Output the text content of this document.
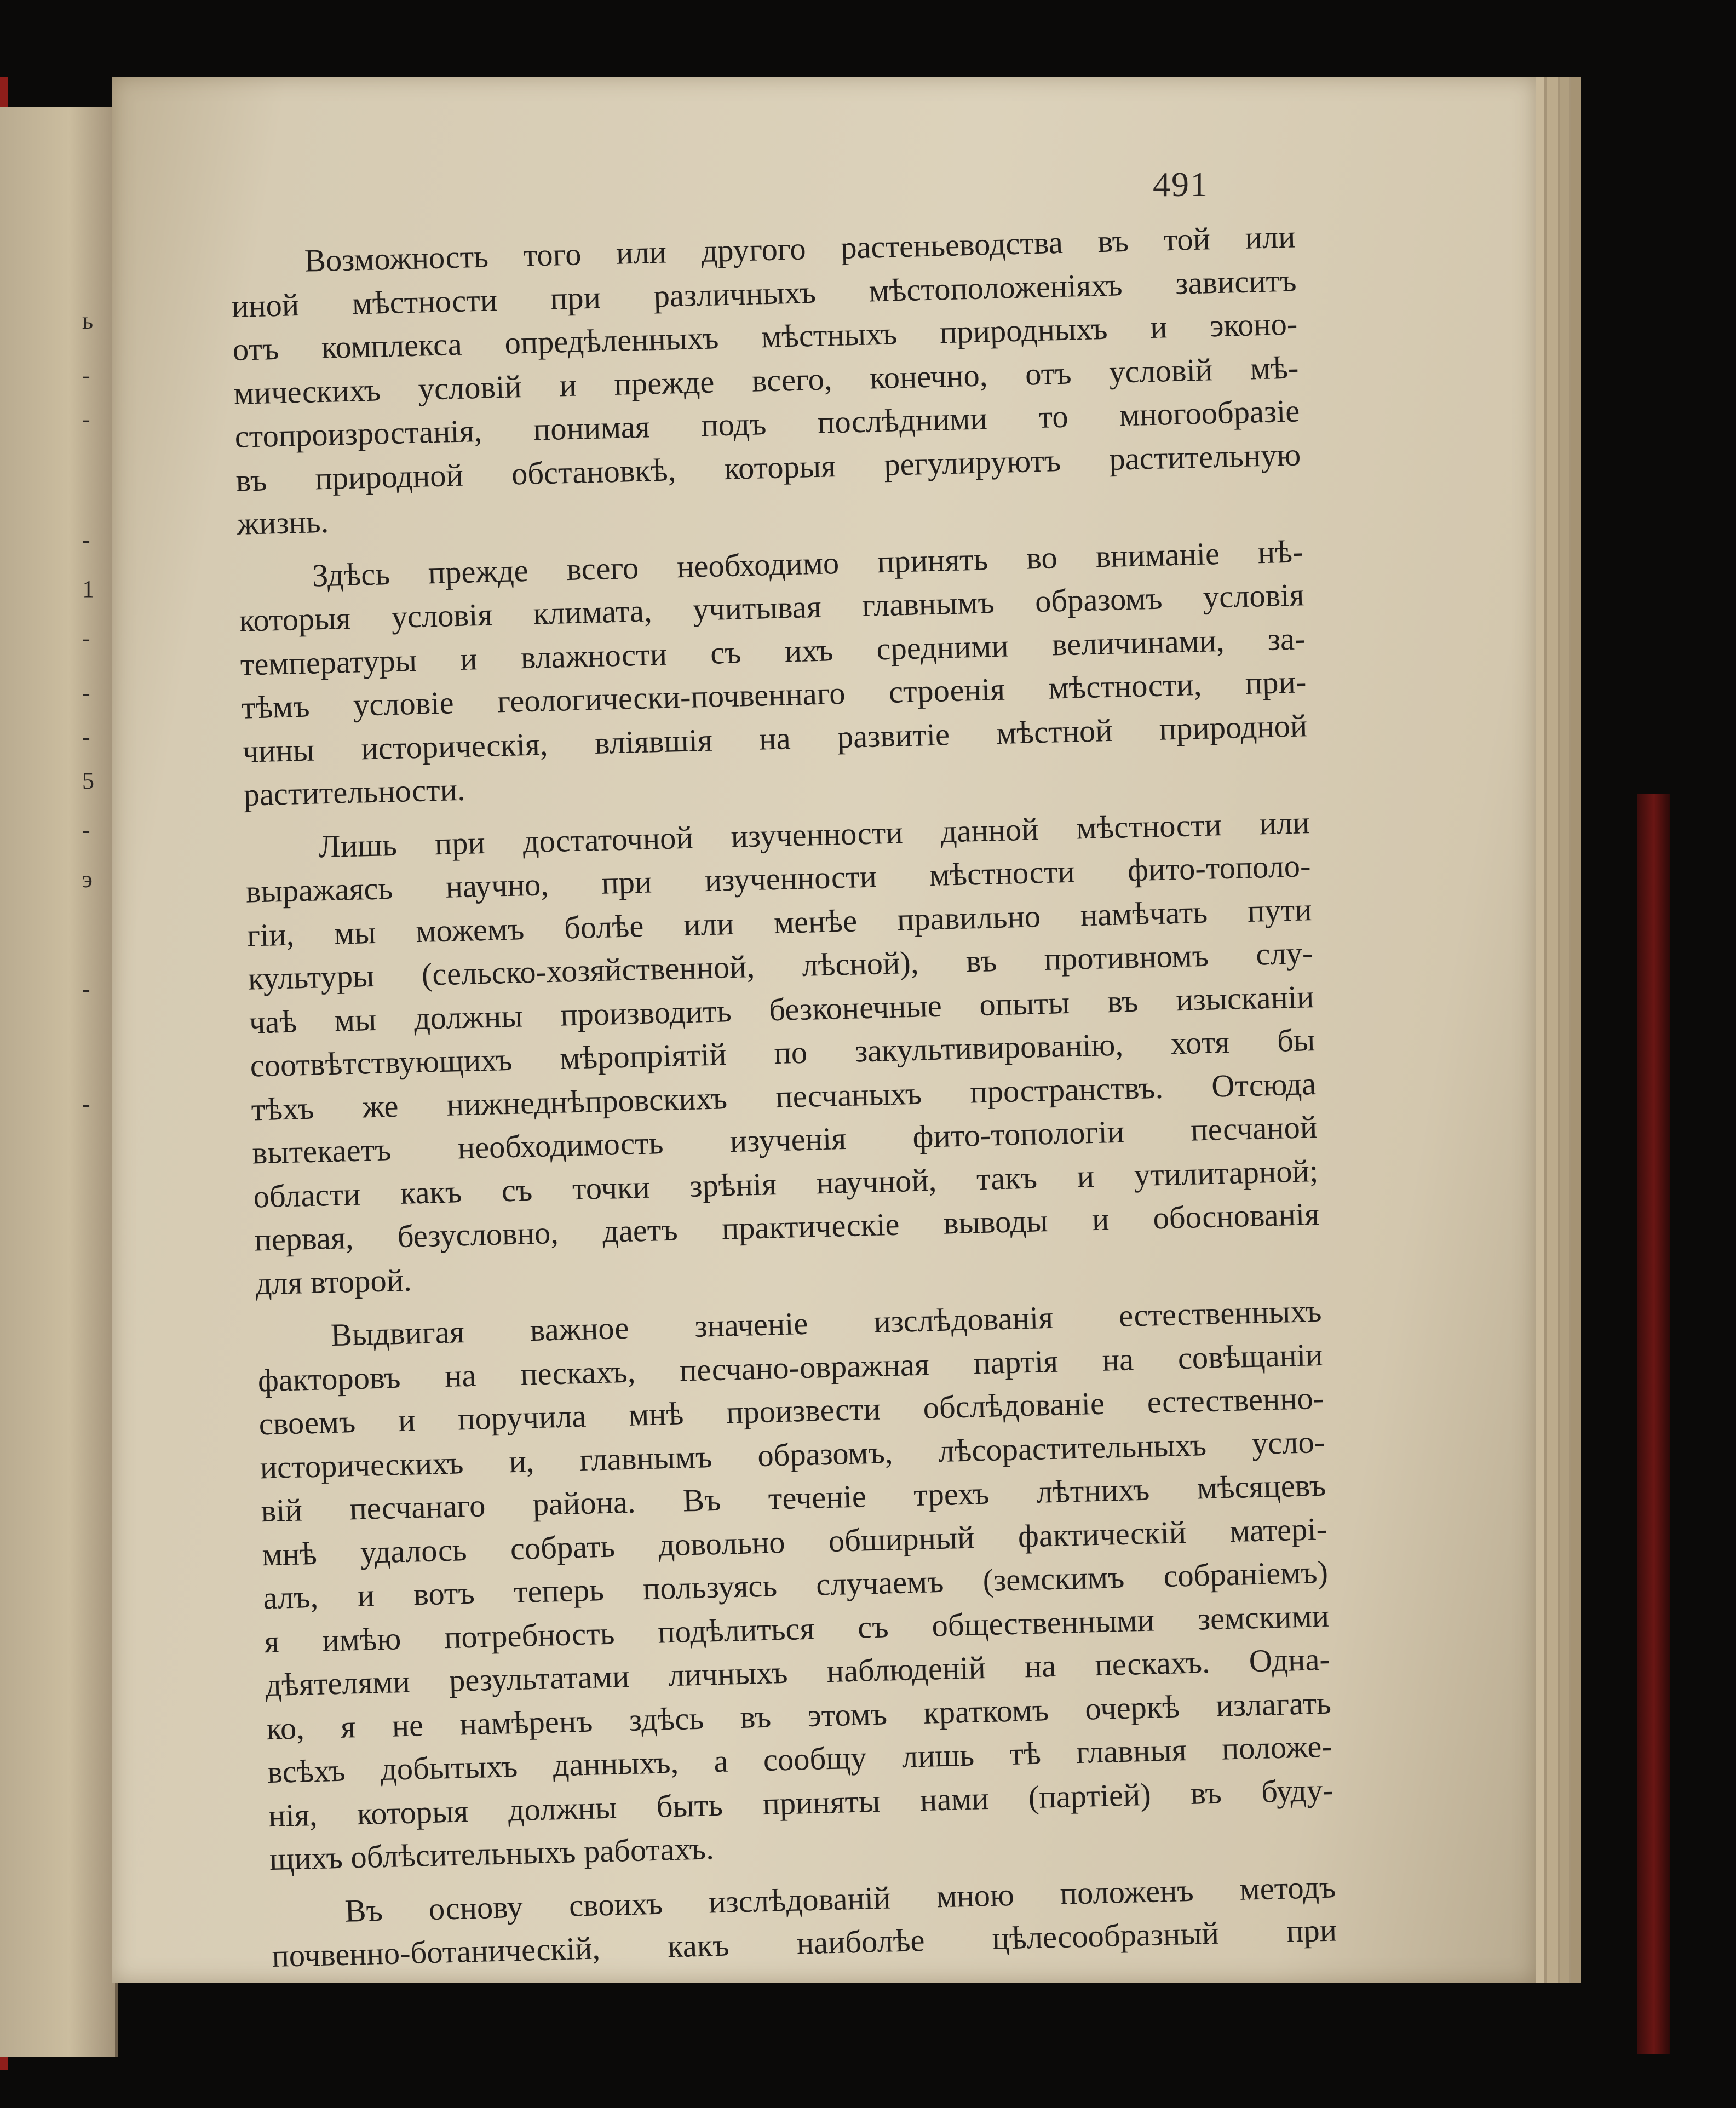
ь
-
-
-
1
-
-
-
5
-
э
-
-
491
Возможность того или другого растеньеводства въ той или
иной мѣстности при различныхъ мѣстоположеніяхъ зависитъ
отъ комплекса опредѣленныхъ мѣстныхъ природныхъ и эконо-
мическихъ условій и прежде всего, конечно, отъ условій мѣ-
стопроизростанія, понимая подъ послѣдними то многообразіе
въ природной обстановкѣ, которыя регулируютъ растительную
жизнь.
Здѣсь прежде всего необходимо принять во вниманіе нѣ-
которыя условія климата, учитывая главнымъ образомъ условія
температуры и влажности съ ихъ средними величинами, за-
тѣмъ условіе геологически-почвеннаго строенія мѣстности, при-
чины историческія, вліявшія на развитіе мѣстной природной
растительности.
Лишь при достаточной изученности данной мѣстности или
выражаясь научно, при изученности мѣстности фито-тополо-
гіи, мы можемъ болѣе или менѣе правильно намѣчать пути
культуры (сельско-хозяйственной, лѣсной), въ противномъ слу-
чаѣ мы должны производить безконечные опыты въ изысканіи
соотвѣтствующихъ мѣропріятій по закультивированію, хотя бы
тѣхъ же нижнеднѣпровскихъ песчаныхъ пространствъ. Отсюда
вытекаетъ необходимость изученія фито-топологіи песчаной
области какъ съ точки зрѣнія научной, такъ и утилитарной;
первая, безусловно, даетъ практическіе выводы и обоснованія
для второй.
Выдвигая важное значеніе изслѣдованія естественныхъ
факторовъ на пескахъ, песчано-овражная партія на совѣщаніи
своемъ и поручила мнѣ произвести обслѣдованіе естественно-
историческихъ и, главнымъ образомъ, лѣсорастительныхъ усло-
вій песчанаго района. Въ теченіе трехъ лѣтнихъ мѣсяцевъ
мнѣ удалось собрать довольно обширный фактическій матері-
алъ, и вотъ теперь пользуясь случаемъ (земскимъ собраніемъ)
я имѣю потребность подѣлиться съ общественными земскими
дѣятелями результатами личныхъ наблюденій на пескахъ. Одна-
ко, я не намѣренъ здѣсь въ этомъ краткомъ очеркѣ излагать
всѣхъ добытыхъ данныхъ, а сообщу лишь тѣ главныя положе-
нія, которыя должны быть приняты нами (партіей) въ буду-
щихъ облѣсительныхъ работахъ.
Въ основу своихъ изслѣдованій мною положенъ методъ
почвенно-ботаническій, какъ наиболѣе цѣлесообразный при
